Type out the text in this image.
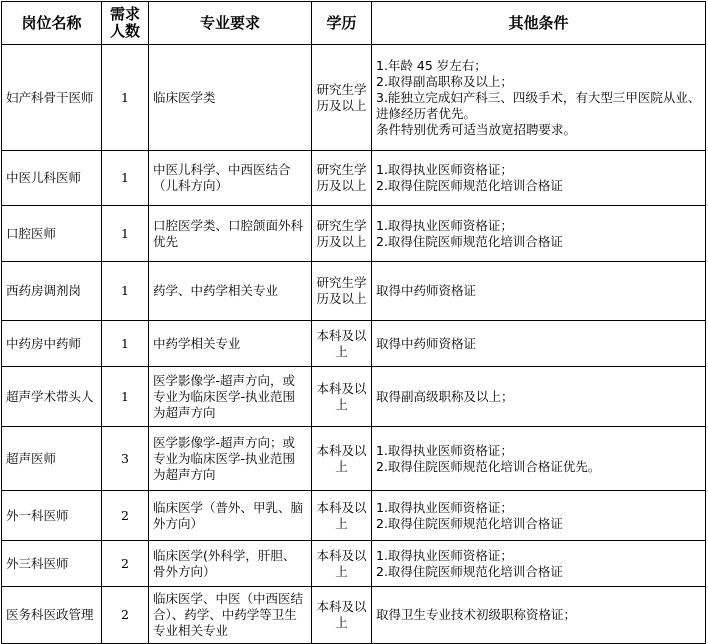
岗位名称	需求人数	专业要求	学历	其他条件
妇产科骨干医师	1	临床医学类	研究生学历及以上	1.年龄 45 岁左右；
2.取得副高职称及以上；
3.能独立完成妇产科三、四级手术，有大型三甲医院从业、进修经历者优先。
条件特别优秀可适当放宽招聘要求。

中医儿科医师	1	中医儿科学、中西医结合（儿科方向）	研究生学历及以上	1.取得执业医师资格证；
2.取得住院医师规范化培训合格证

口腔医师	1	口腔医学类、口腔颌面外科优先	研究生学历及以上	1.取得执业医师资格证；
2.取得住院医师规范化培训合格证

西药房调剂岗	1	药学、中药学相关专业	研究生学历及以上	取得中药师资格证

中药房中药师	1	中药学相关专业	本科及以上	取得中药师资格证

超声学术带头人	1	医学影像学-超声方向，或专业为临床医学-执业范围为超声方向	本科及以上	取得副高级职称及以上；

超声医师	3	医学影像学-超声方向；或专业为临床医学-执业范围为超声方向	本科及以上	1.取得执业医师资格证；
2.取得住院医师规范化培训合格证优先。

外一科医师	2	临床医学（普外、甲乳、脑外方向）	本科及以上	1.取得执业医师资格证；
2.取得住院医师规范化培训合格证

外三科医师	2	临床医学(外科学，肝胆、骨外方向）	本科及以上	1.取得执业医师资格证；
2.取得住院医师规范化培训合格证

医务科医政管理	2	临床医学、中医（中西医结合）、药学、中药学等卫生专业相关专业	本科及以上	取得卫生专业技术初级职称资格证；
